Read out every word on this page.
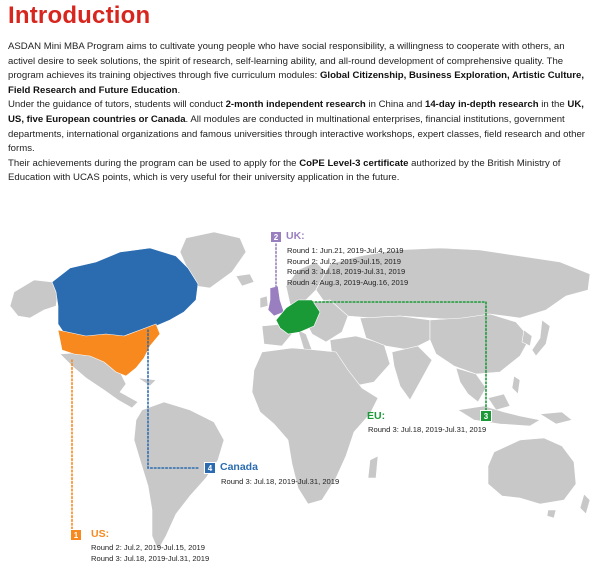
Introduction

ASDAN Mini MBA Program aims to cultivate young people who have social responsibility, a willingness to cooperate with others, an activel desire to seek solutions, the spirit of research, self-learning ability, and all-round development of comprehensive quality. The program achieves its training objectives through five curriculum modules: Global Citizenship, Business Exploration, Artistic Culture, Field Research and Future Education.

Under the guidance of tutors, students will conduct 2-month independent research in China and 14-day in-depth research in the UK, US, five European countries or Canada. All modules are conducted in multinational enterprises, financial institutions, government departments, international organizations and famous universities through interactive workshops, expert classes, field research and other forms.

Their achievements during the program can be used to apply for the CoPE Level-3 certificate authorized by the British Ministry of Education with UCAS points, which is very useful for their university application in the future.

2 UK:
Round 1: Jun.21, 2019-Jul.4, 2019
Round 2: Jul.2, 2019-Jul.15, 2019
Round 3: Jul.18, 2019-Jul.31, 2019
Roudn 4: Aug.3, 2019-Aug.16, 2019
EU:	3
Round 3: Jul.18, 2019-Jul.31, 2019
4 Canada
Round 3: Jul.18, 2019-Jul.31, 2019
1	US:
Round 2: Jul.2, 2019-Jul.15, 2019
Round 3: Jul.18, 2019-Jul.31, 2019
